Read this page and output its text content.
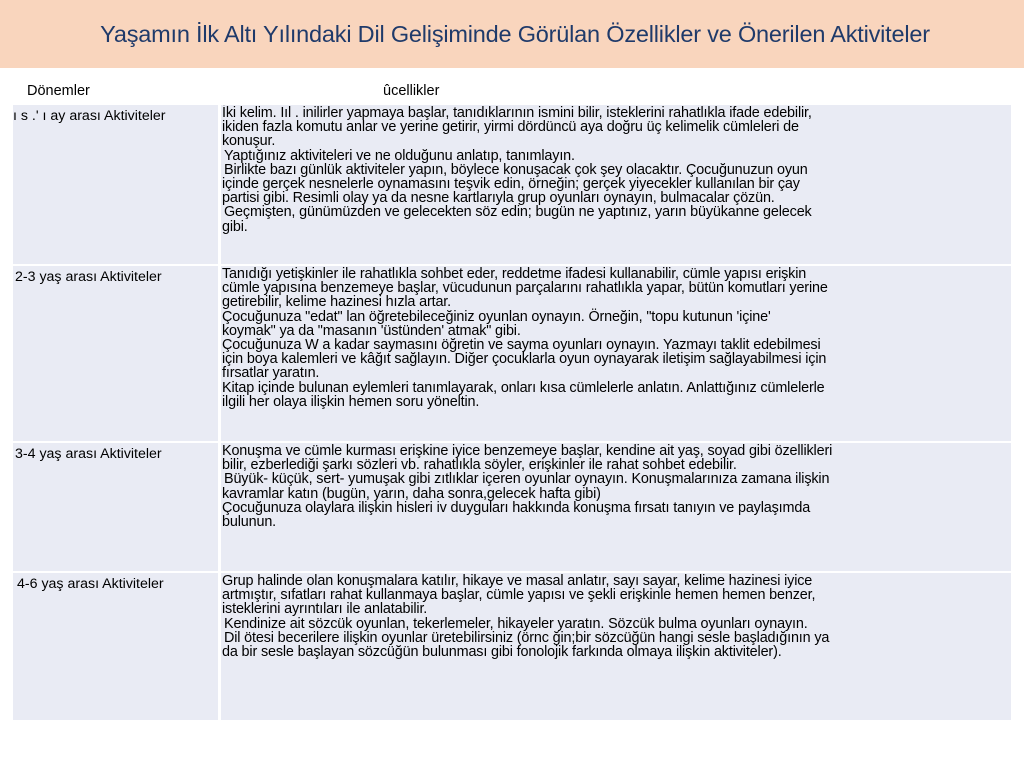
Yaşamın İlk Altı Yılındaki Dil Gelişiminde Görülan Özellikler ve Önerilen Aktiviteler
Dönemler	ûcellikler
ı s .' ı ay arası Aktiviteler	İki kelim. Iıl . inilirler yapmaya başlar, tanıdıklarının ismini bilir, isteklerini rahatlıkla ifade edebilir,
ikiden fazla komutu anlar ve yerine getirir, yirmi dördüncü aya doğru üç kelimelik cümleleri de
konuşur.
Yaptığınız aktiviteleri ve ne olduğunu anlatıp, tanımlayın.
Birlikte bazı günlük aktiviteler yapın, böylece konuşacak çok şey olacaktır. Çocuğunuzun oyun
içinde gerçek nesnelerle oynamasını teşvik edin, örneğin; gerçek yiyecekler kullanılan bir çay
partisi gibi. Resimli olay ya da nesne kartlarıyla grup oyunları oynayın, bulmacalar çözün.
Geçmişten, günümüzden ve gelecekten söz edin; bugün ne yaptınız, yarın büyükanne gelecek
gibi.
2-3 yaş arası Aktiviteler	Tanıdığı yetişkinler ile rahatlıkla sohbet eder, reddetme ifadesi kullanabilir, cümle yapısı erişkin
cümle yapısına benzemeye başlar, vücudunun parçalarını rahatlıkla yapar, bütün komutları yerine
getirebilir, kelime hazinesi hızla artar.
Çocuğunuza "edat" lan öğretebileceğiniz oyunlan oynayın. Örneğin, "topu kutunun 'içine'
koymak" ya da "masanın 'üstünden' atmak" gibi.
Çocuğunuza W a kadar saymasını öğretin ve sayma oyunları oynayın. Yazmayı taklit edebilmesi
için boya kalemleri ve kâğıt sağlayın. Diğer çocuklarla oyun oynayarak iletişim sağlayabilmesi için
fırsatlar yaratın.
Kitap içinde bulunan eylemleri tanımlayarak, onları kısa cümlelerle anlatın. Anlattığınız cümlelerle
ilgili her olaya ilişkin hemen soru yöneltin.
3-4 yaş arası Aktiviteler	Konuşma ve cümle kurması erişkine iyice benzemeye başlar, kendine ait yaş, soyad gibi özellikleri
bilir, ezberlediği şarkı sözleri vb. rahatlıkla söyler, erişkinler ile rahat sohbet edebilir.
Büyük- küçük, sert- yumuşak gibi zıtlıklar içeren oyunlar oynayın. Konuşmalarınıza zamana ilişkin
kavramlar katın (bugün, yarın, daha sonra,gelecek hafta gibi)
Çocuğunuza olaylara ilişkin hisleri iv duyguları hakkında konuşma fırsatı tanıyın ve paylaşımda
bulunun.
4-6 yaş arası Aktiviteler	Grup halinde olan konuşmalara katılır, hikaye ve masal anlatır, sayı sayar, kelime hazinesi iyice
artmıştır, sıfatları rahat kullanmaya başlar, cümle yapısı ve şekli erişkinle hemen hemen benzer,
isteklerini ayrıntıları ile anlatabilir.
Kendinize ait sözcük oyunlan, tekerlemeler, hikayeler yaratın. Sözcük bulma oyunları oynayın.
Dil ötesi becerilere ilişkin oyunlar üretebilirsiniz (örnc ğin;bir sözcüğün hangi sesle başladığının ya
da bir sesle başlayan sözcüğün bulunması gibi fonolojik farkında olmaya ilişkin aktiviteler).
